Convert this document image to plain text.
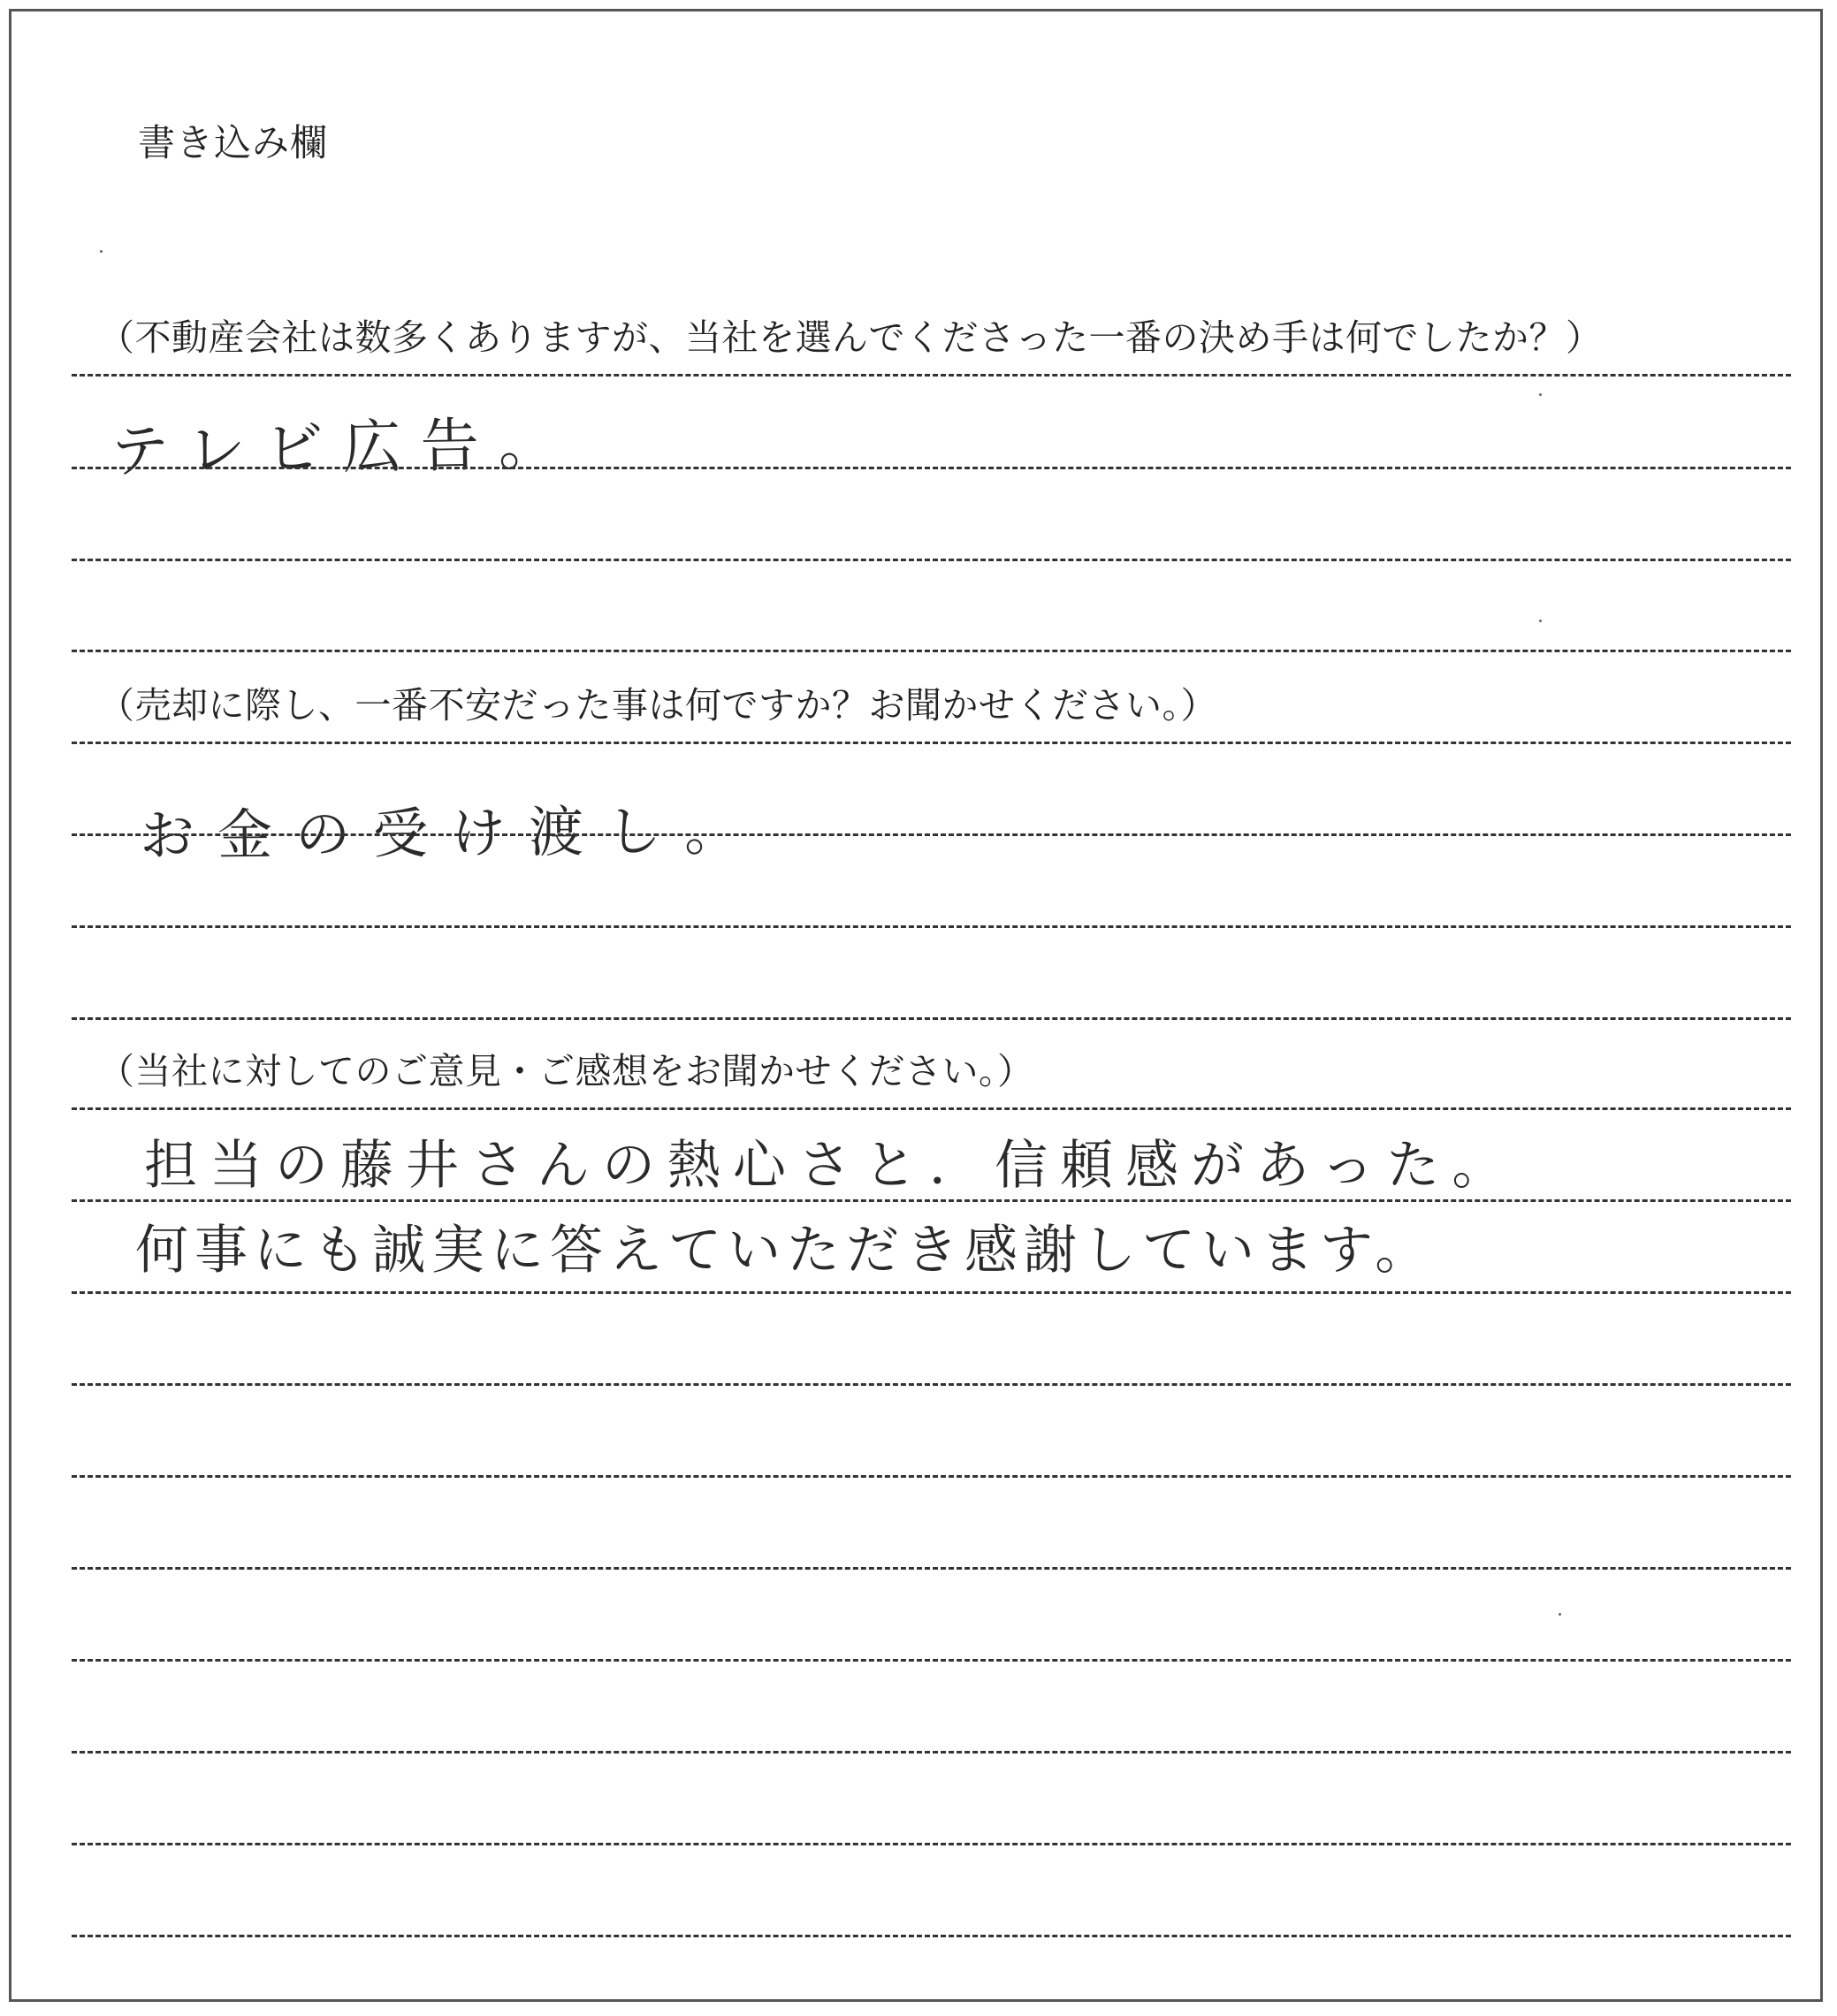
書き込み欄
（不動産会社は数多くありますが、当社を選んでくださった一番の決め手は何でしたか？）
テレビ広告。
（売却に際し、一番不安だった事は何ですか？お聞かせください。）
お金の受け渡し。
（当社に対してのご意見・ご感想をお聞かせください。）
担当の藤井さんの熱心さと．信頼感があった。
何事にも誠実に答えていただき感謝しています。
